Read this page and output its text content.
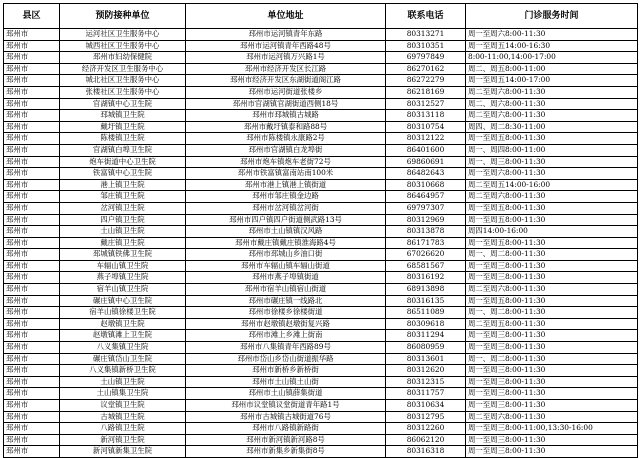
县区	预防接种单位	单位地址	联系电话	门诊服务时间
邳州市	运河社区卫生服务中心	邳州市运河镇青年东路	80313271	周一至周六8:00-11:30
邳州市	城西社区卫生服务中心	邳州市运河镇青年西路48号	80310351	周一至周五14:00-16:30
邳州市	邳州市妇幼保健院	邳州市运河镇万兴路1号	69797849	8:00-11:00,14:00-17:00
邳州市	经济开发区卫生服务中心	邳州市经济开发区长江路	86270162	周二、周五8:00-11:00
邳州市	城北社区卫生服务中心	邳州市经济开发区东湖街道阁江路	86272279	周一至周五14:00-17:00
邳州市	张楼社区卫生服务中心	邳州市运河街道张楼乡	86218169	周二至周六8:00-11:30
邳州市	官湖镇中心卫生院	邳州市官湖镇官湖街道西侧18号	80312527	周二、周六8:00-11:30
邳州市	邳城镇卫生院	邳州市邳城镇古城路	80313118	周二至周六8:00-11:30
邳州市	戴圩镇卫生院	邳州市戴圩镇泰和路88号	80310754	周四、周二8:30-11:00
邳州市	陈楼镇卫生院	邳州市陈楼镇永康路2号	80312122	周一至周五8:00-11:30
邳州市	官湖镇白埠卫生院	邳州市官湖镇白龙埠街	86401600	周一、周四8:00-11:00
邳州市	炮车街道中心卫生院	邳州市炮车镇炮车老街72号	69860691	周一、周三8:00-11:30
邳州市	铁富镇中心卫生院	邳州市铁富镇富南站南100米	86482643	周一至周六8:00-11:30
邳州市	港上镇卫生院	邳州市港上镇港上镇街道	80310668	周二至周五14:00-16:00
邳州市	邹庄镇卫生院	邳州市邹庄镇金边路	86464957	周二至周六8:00-11:30
邳州市	岔河镇卫生院	邳州市岔河镇岔河街	69797307	周一至周五8:00-11:30
邳州市	四户镇卫生院	邳州市四户镇四户街道侧武路13号	80312969	周一至周五8:00-11:30
邳州市	土山镇卫生院	邳州市土山镇镇汉风路	80313878	周四14:00-16:00
邳州市	戴庄镇卫生院	邳州市戴庄镇戴庄镇淮海路4号	86171783	周一至周五8:00-11:30
邳州市	邳城镇铁佛卫生院	邳州市邳城山乡油口街	67026620	周一、周二8:00-11:30
邳州市	车辐山镇卫生院	邳州市车辐山镇车辐山街道	68581567	周一至周三8:00-11:30
邳州市	燕子埠镇卫生院	邳州市燕子埠镇街道	80316192	周一至周三8:00-11:30
邳州市	宿羊山镇卫生院	邳州市宿羊山镇宿山街道	68913898	周二至周六8:00-11:30
邳州市	碾庄镇中心卫生院	邳州市碾庄镇一线路北	80316135	周一至周五8:00-11:30
邳州市	宿羊山镇徐楼卫生院	邳州市徐楼乡徐楼街道	86511089	周一、周二8:00-11:30
邳州市	赵墩镇卫生院	邳州市赵墩镇赵墩街复兴路	80309618	周二至周五8:00-11:30
邳州市	赵墩镇滩上卫生院	邳州市滩上乡滩上街南	80311294	周一至周三8:00-11:30
邳州市	八义集镇卫生院	邳州市八集镇青年西路89号	86080959	周一至周三8:00-11:30
邳州市	碾庄镇岱山卫生院	邳州市岱山乡岱山街道振华路	80313601	周一、周二8:00-11:30
邳州市	八义集镇新桥卫生院	邳州市新桥乡新桥街	80312620	周一至周三8:00-11:30
邳州市	土山镇卫生院	邳州市土山镇土山街	80312315	周一至周三8:00-11:30
邳州市	土山镇集卫生院	邳州市土山镇薛集街道	80311757	周一至周三8:00-11:30
邳州市	议堂镇卫生院	邳州市议堂镇议堂街道青年路1号	80310634	周一至周三8:00-11:30
邳州市	古城镇卫生院	邳州市古城镇古城街道76号	80312795	周二至周六8:00-11:30
邳州市	八路镇卫生院	邳州市八路镇新路街	80312260	周一至周三8:00-11:00,13:30-16:00
邳州市	新河镇卫生院	邳州市新河镇新河路8号	86062120	周一至周三8:00-11:30
邳州市	新河镇新集卫生院	邳州市新集乡新集街8号	80316318	周一至周三8:00-11:30
